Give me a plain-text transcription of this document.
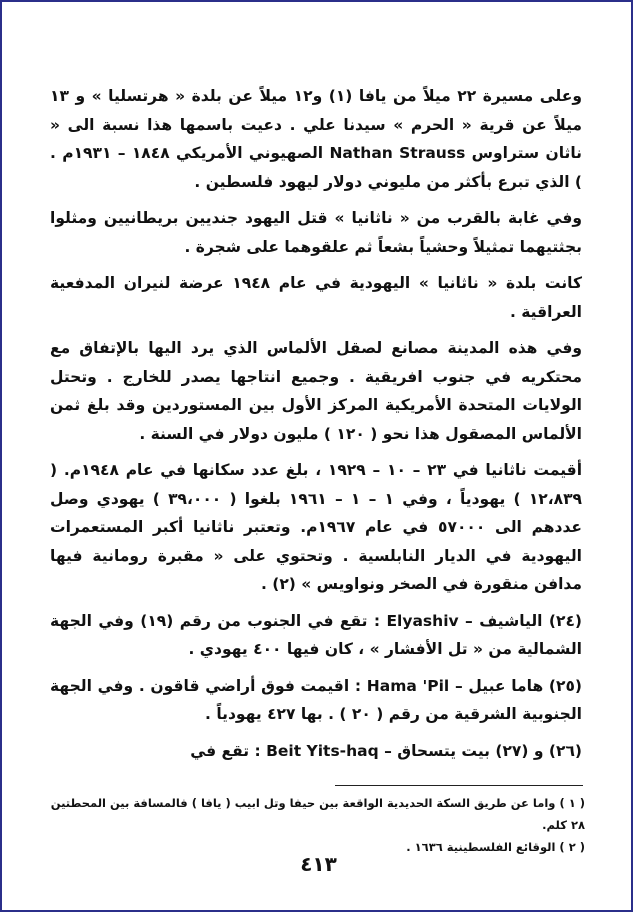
وعلى مسيرة ٢٢ ميلاً من يافا (١) و١٢ ميلاً عن بلدة « هرتسليا » و ١٣ ميلاً عن قرية « الحرم » سيدنا علي . دعيت باسمها هذا نسبة الى « ناثان ستراوس Nathan Strauss الصهيوني الأمريكي ١٨٤٨ – ١٩٣١م . ) الذي تبرع بأكثر من مليوني دولار ليهود فلسطين .

وفي غابة بالقرب من « ناثانيا » قتل اليهود جنديين بريطانيين ومثلوا بجثتيهما تمثيلاً وحشياً بشعاً ثم علقوهما على شجرة .

كانت بلدة « ناثانيا » اليهودية في عام ١٩٤٨ عرضة لنيران المدفعية العراقية .

وفي هذه المدينة مصانع لصقل الألماس الذي يرد اليها بالإتفاق مع محتكريه في جنوب افريقية . وجميع انتاجها يصدر للخارج . وتحتل الولايات المتحدة الأمريكية المركز الأول بين المستوردين وقد بلغ ثمن الألماس المصقول هذا نحو ( ١٢٠ ) مليون دولار في السنة .

أقيمت ناثانيا في ٢٣ – ١٠ – ١٩٢٩ ، بلغ عدد سكانها في عام ١٩٤٨م. ( ١٢،٨٣٩ ) يهودياً ، وفي ١ – ١ – ١٩٦١ بلغوا ( ٣٩،٠٠٠ ) يهودي وصل عددهم الى ٥٧٠٠٠ في عام ١٩٦٧م. وتعتبر ناثانيا أكبر المستعمرات اليهودية في الديار النابلسية . وتحتوي على « مقبرة رومانية فيها مدافن منقورة في الصخر ونواويس » (٢) .

(٢٤) الياشيف – Elyashiv : تقع في الجنوب من رقم (١٩) وفي الجهة الشمالية من « تل الأفشار » ، كان فيها ٤٠٠ يهودي .

(٢٥) هاما عبيل – Hama 'Pil : اقيمت فوق أراضي قاقون . وفي الجهة الجنوبية الشرقية من رقم ( ٢٠ ) . بها ٤٢٧ يهودياً .

(٢٦) و (٢٧) بيت يتسحاق – Beit Yits-haq : تقع في

( ١ ) واما عن طريق السكة الحديدية الواقعة بين حيفا وتل ابيب ( يافا ) فالمسافة بين المحطتين ٢٨ كلم.
( ٢ ) الوقائع الفلسطينية ١٦٣٦ .
٤١٣
